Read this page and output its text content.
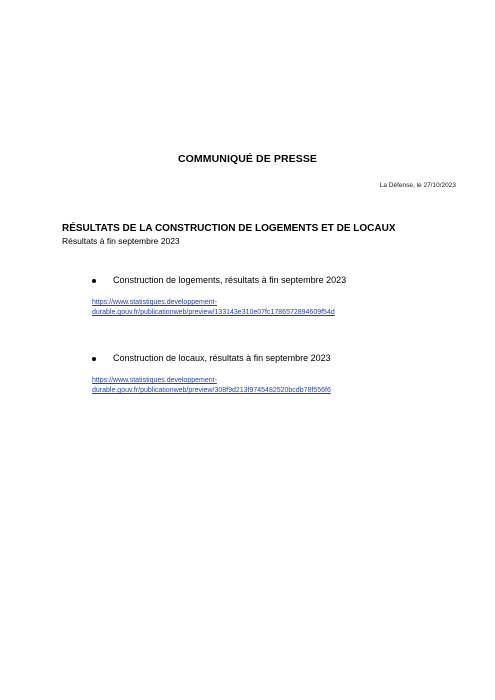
COMMUNIQUÉ DE PRESSE
La Défense, le 27/10/2023
RÉSULTATS DE LA CONSTRUCTION DE LOGEMENTS ET DE LOCAUX
Résultats à fin septembre 2023
Construction de logements, résultats à fin septembre 2023
https://www.statistiques.developpement-
durable.gouv.fr/publicationweb/preview/133143e310e07fc1786572894609f54d
Construction de locaux, résultats à fin septembre 2023
https://www.statistiques.developpement-
durable.gouv.fr/publicationweb/preview/308f9d213f9745482520bcdb78f556f6
